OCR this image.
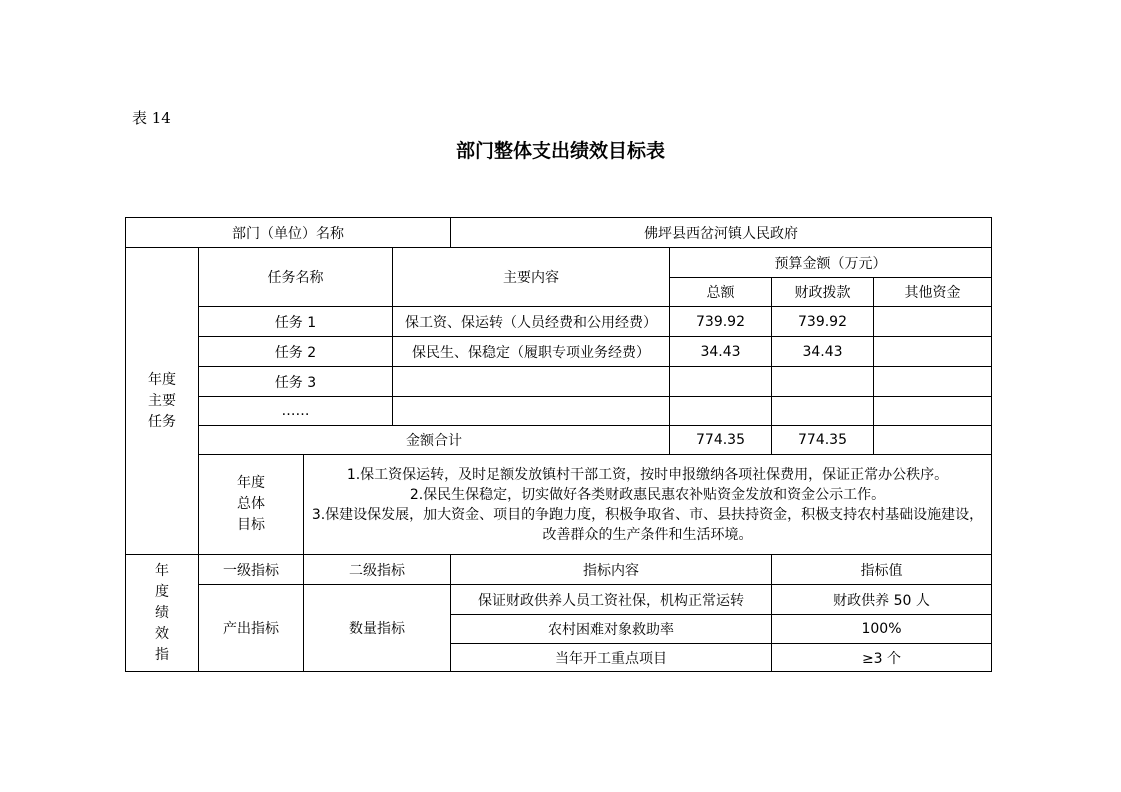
表 14
部门整体支出绩效目标表
部门（单位）名称				佛坪县西岔河镇人民政府			
年度
主要
任务	任务名称		主要内容		预算金额（万元）		
					总额	财政拨款	其他资金
	任务 1		保工资、保运转（人员经费和公用经费）		739.92	739.92	
	任务 2		保民生、保稳定（履职专项业务经费）		34.43	34.43	
	任务 3						
	……						
	金额合计				774.35	774.35	
	年度
总体
目标	1.保工资保运转，及时足额发放镇村干部工资，按时申报缴纳各项社保费用，保证正常办公秩序。
2.保民生保稳定，切实做好各类财政惠民惠农补贴资金发放和资金公示工作。
3.保建设保发展，加大资金、项目的争跑力度，积极争取省、市、县扶持资金，积极支持农村基础设施建设，改善群众的生产条件和生活环境。					

年
度
绩
效
指	一级指标	二级指标		指标内容		指标值	
	产出指标	数量指标		保证财政供养人员工资社保，机构正常运转		财政供养 50 人	
				农村困难对象救助率		100%	
				当年开工重点项目		≥3 个	
